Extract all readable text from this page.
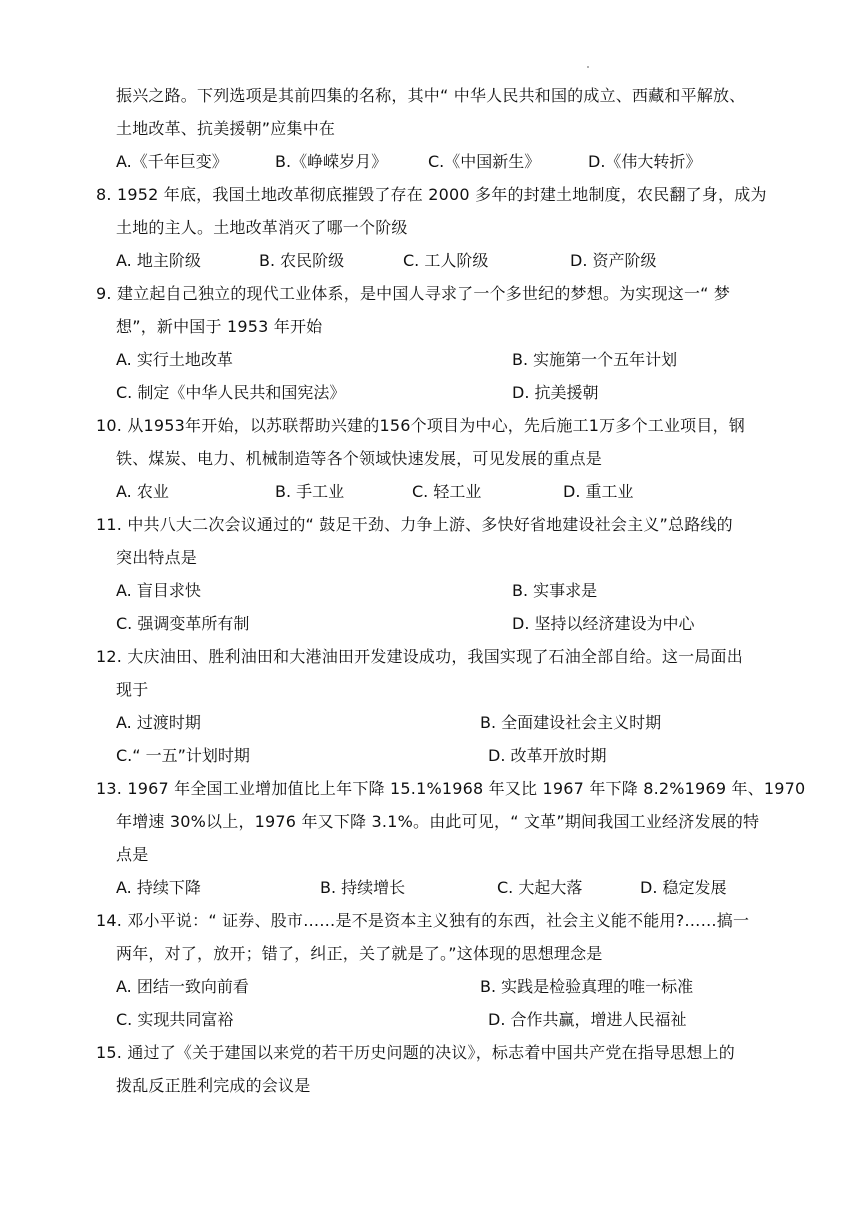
振兴之路。下列选项是其前四集的名称，其中“ 中华人民共和国的成立、西藏和平解放、
土地改革、抗美援朝”应集中在
A.《千年巨变》	B.《峥嵘岁月》	C.《中国新生》	D.《伟大转折》
8. 1952 年底，我国土地改革彻底摧毁了存在 2000 多年的封建土地制度，农民翻了身，成为
土地的主人。土地改革消灭了哪一个阶级
A. 地主阶级	B. 农民阶级	C. 工人阶级	D. 资产阶级
9. 建立起自己独立的现代工业体系，是中国人寻求了一个多世纪的梦想。为实现这一“ 梦
想”，新中国于 1953 年开始
A. 实行土地改革	B. 实施第一个五年计划
C. 制定《中华人民共和国宪法》	D. 抗美援朝
10. 从1953年开始，以苏联帮助兴建的156个项目为中心，先后施工1万多个工业项目，钢
铁、煤炭、电力、机械制造等各个领域快速发展，可见发展的重点是
A. 农业	B. 手工业	C. 轻工业	D. 重工业
11. 中共八大二次会议通过的“ 鼓足干劲、力争上游、多快好省地建设社会主义”总路线的
突出特点是
A. 盲目求快	B. 实事求是
C. 强调变革所有制	D. 坚持以经济建设为中心
12. 大庆油田、胜利油田和大港油田开发建设成功，我国实现了石油全部自给。这一局面出
现于
A. 过渡时期	B. 全面建设社会主义时期
C.“ 一五”计划时期	D. 改革开放时期
13. 1967 年全国工业增加值比上年下降 15.1%1968 年又比 1967 年下降 8.2%1969 年、1970
年增速 30%以上，1976 年又下降 3.1%。由此可见，“ 文革”期间我国工业经济发展的特
点是
A. 持续下降	B. 持续增长	C. 大起大落	D. 稳定发展
14. 邓小平说：“ 证券、股市……是不是资本主义独有的东西，社会主义能不能用?……搞一
两年，对了，放开；错了，纠正，关了就是了。”这体现的思想理念是
A. 团结一致向前看	B. 实践是检验真理的唯一标准
C. 实现共同富裕	D. 合作共赢，增进人民福祉
15. 通过了《关于建国以来党的若干历史问题的决议》，标志着中国共产党在指导思想上的
拨乱反正胜利完成的会议是
